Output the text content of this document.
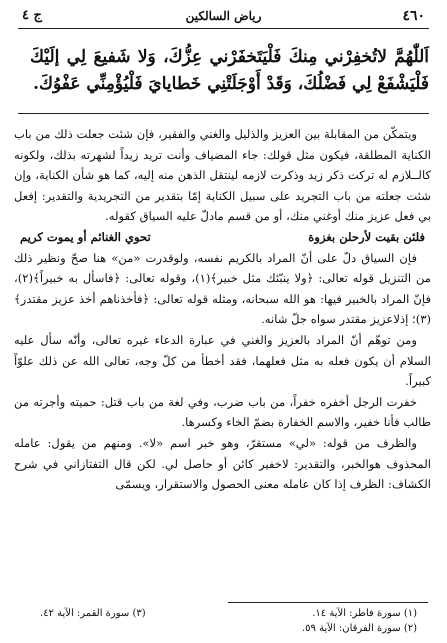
٤٦٠
رياض السالكين
ج ٤
اَللّٰهُمَّ لاتُخفِرْني مِنكَ فَلْيَتَخفَرْني عِزُّكَ، وَلا شَفيعَ لِي إلَيْكَ فَلْيَشْفَعْ لِي فَضْلُكَ، وَقَدْ أَوْجَلَتْنِي خَطايايَ فَلْيُؤْمِنِّي عَفْوُكَ.

ويتمكّن من المقابلة بين العزيز والذليل والغني والفقير، فإن شئت جعلت ذلك من باب الكناية المطلقة، فيكون مثل قولك: جاء المضياف وأنت تريد زيداً لشهرته بذلك، ولكونه كالــلازم له تركت ذكر زيد وذكرت لازمه لينتقل الذهن منه إليه، كما هو شأن الكناية، وإن شئت جعلته من باب التجريد على سبيل الكناية إمّا بتقدير من التجريدية والتقدير: إفعل بي فعل عزيز منك أوغني منك، أو من قسم مادلّ عليه السياق كقوله.

فلئن بقيت لأرحلن بغزوة
تحوي الغنائم أو يموت كريم

فإن السياق دلّ على أنّ المراد بالكريم نفسه، ولوقدرت «من» هنا صحّ ونظير ذلك من التنزيل قوله تعالى: ﴿ولا ينبّئك مثل خبير﴾(١)، وقوله تعالى: ﴿فاسأل به خبيراً﴾(٢)، فإنّ المراد بالخبير فيها: هو الله سبحانه، ومثله قوله تعالى: ﴿فأخذناهم أخذ عزيز مقتدر﴾(٣)؛ إذلاعزيز مقتدر سواه جلّ شانه.

ومن توهّم أنّ المراد بالعزيز والغني في عبارة الدعاء غيره تعالى، وأنّه سأل عليه السلام أن يكون فعله به مثل فعلهما، فقد أخطأ من كلّ وجه، تعالى الله عن ذلك علوّاً كبيراً.

خفرت الرجل أخفره خفراً، من باب ضرب، وفي لغة من باب قتل: حميته وأجرته من طالب فأنا خفير، والاسم الخفارة بضمّ الخاء وكسرها.

والظرف من قوله: «لي» مستقرّ، وهو خبر اسم «لا». ومنهم من يقول: عامله المحذوف هوالخبر، والتقدير: لاخفير كائن أو حاصل لي. لكن قال التفتازاني في شرح الكشاف: الظرف إذا كان عامله معنى الحصول والاستقرار، ويسمّى

(١) سورة فاطر: الآية ١٤.
(٣) سورة القمر: الآية ٤٢.
(٢) سورة الفرقان: الآية ٥٩.
